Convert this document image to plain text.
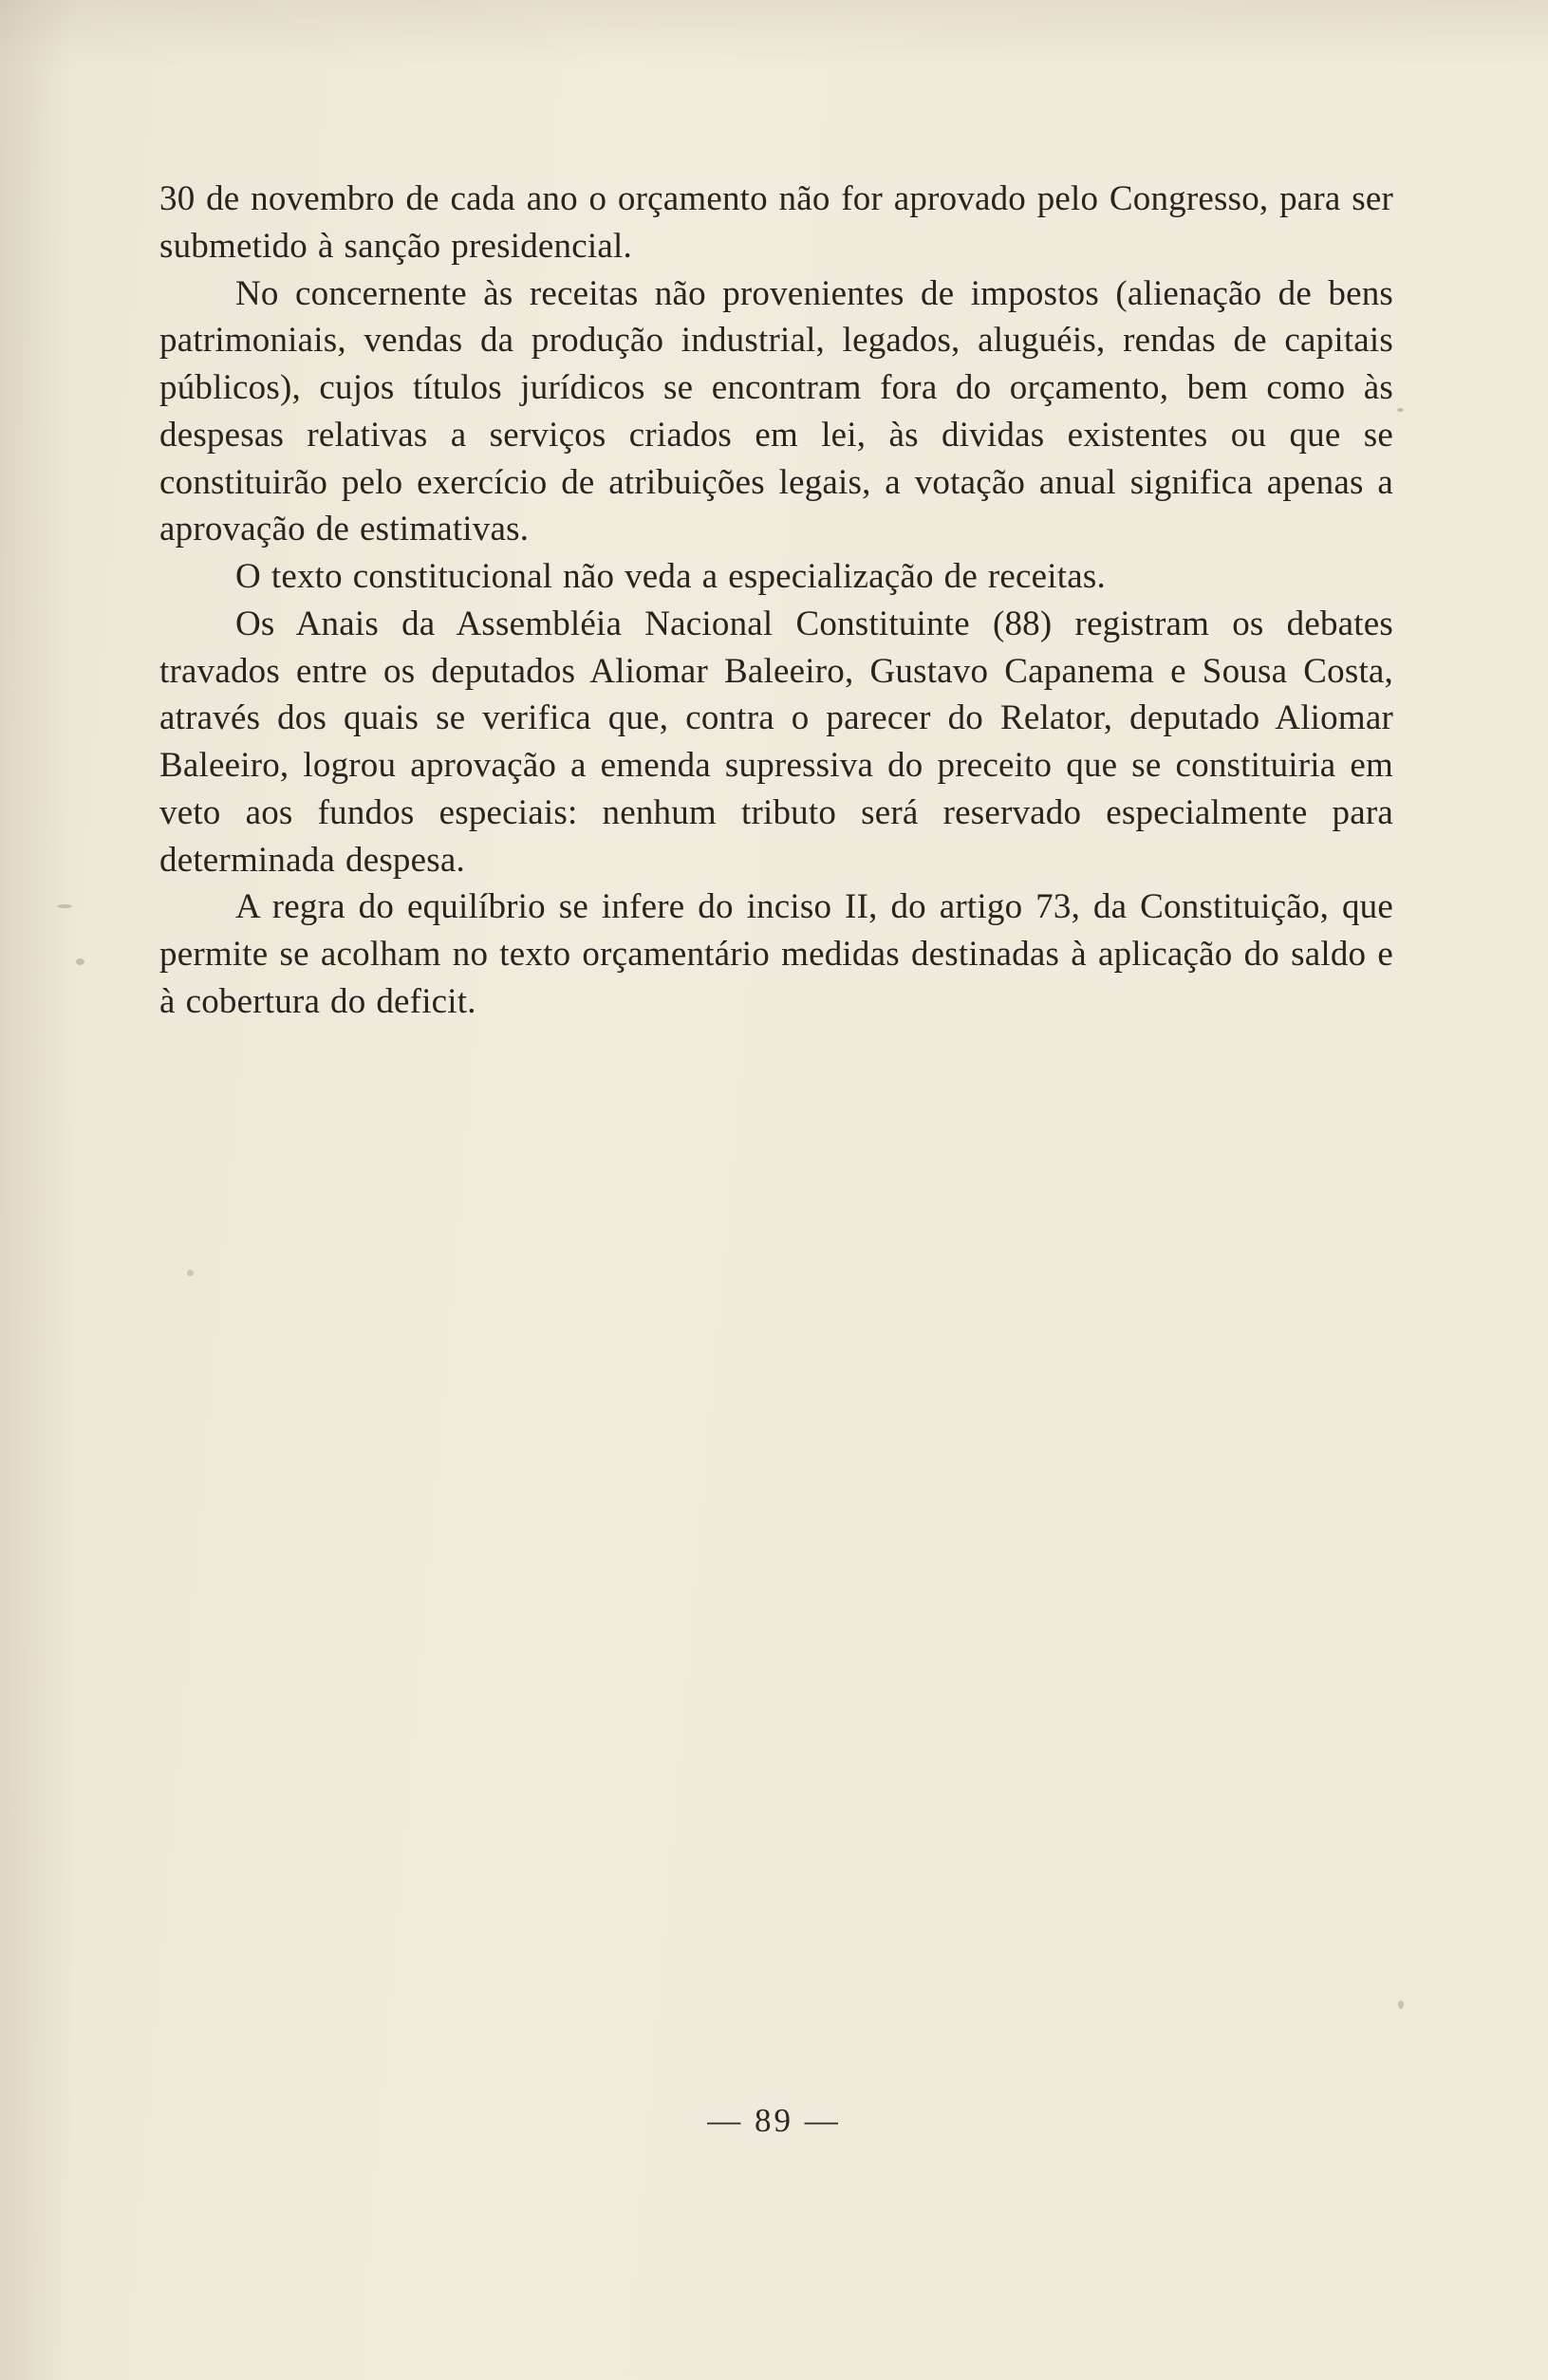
30 de novembro de cada ano o orçamento não for aprovado pelo Congresso, para ser submetido à sanção presidencial.

No concernente às receitas não provenientes de impostos (alienação de bens patrimoniais, vendas da produção industrial, legados, aluguéis, rendas de capitais públicos), cujos títulos jurídicos se encontram fora do orçamento, bem como às despesas relativas a serviços criados em lei, às dividas existentes ou que se constituirão pelo exercício de atribuições legais, a votação anual significa apenas a aprovação de estimativas.

O texto constitucional não veda a especialização de receitas.

Os Anais da Assembléia Nacional Constituinte (88) registram os debates travados entre os deputados Aliomar Baleeiro, Gustavo Capanema e Sousa Costa, através dos quais se verifica que, contra o parecer do Relator, deputado Aliomar Baleeiro, logrou aprovação a emenda supressiva do preceito que se constituiria em veto aos fundos especiais: nenhum tributo será reservado especialmente para determinada despesa.

A regra do equilíbrio se infere do inciso II, do artigo 73, da Constituição, que permite se acolham no texto orçamentário medidas destinadas à aplicação do saldo e à cobertura do deficit.

— 89 —
